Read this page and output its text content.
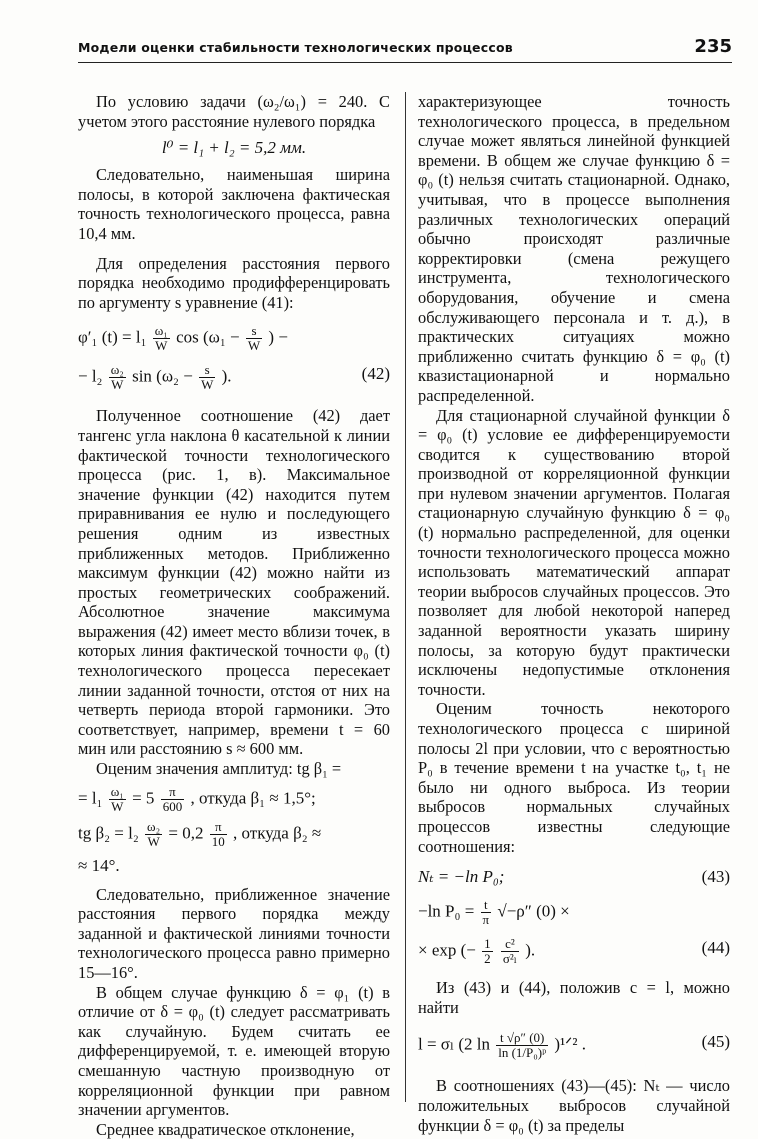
Модели оценки стабильности технологических процессов	235

По условию задачи (ω₂/ω₁) = 240. С учетом этого расстояние нулевого порядка

l⁰ = l₁ + l₂ = 5,2 мм.

Следовательно, наименьшая ширина полосы, в которой заключена фактическая точность технологического процесса, равна 10,4 мм.

Для определения расстояния первого порядка необходимо продифференцировать по аргументу s уравнение (41):

φ′₁ $(t) = l_1 \frac{\text{ω₁}}{W}$ $\cos (\omega_1 - \frac{s}{W}$ ) −
− $l_2 \frac{\text{ω₂}}{W}$ $\sin (\omega_2 - \frac{s}{W}$ ).	(42)

Полученное соотношение (42) дает тангенс угла наклона θ касательной к линии фактической точности технологического процесса (рис. 1, в). Максимальное значение функции (42) находится путем приравнивания ее нулю и последующего решения одним из известных приближенных методов. Приближенно максимум функции (42) можно найти из простых геометрических соображений. Абсолютное значение максимума выражения (42) имеет место вблизи точек, в которых линия фактической точности φ₀ (t) технологического процесса пересекает линии заданной точности, отстоя от них на четверть периода второй гармоники. Это соответствует, например, времени t = 60 мин или расстоянию s ≈ 600 мм.

Оценим значения амплитуд: tg β₁ =

= $l_1 \frac{\text{ω₁}}{W} = 5 \frac{\pi}{600}$ , откуда β₁ ≈ 1,5°;
tg $\beta_2 = l_2 \frac{\text{ω₂}}{W} = 0,2 \frac{\pi}{10}$ , откуда β₂ ≈
≈ 14°.

Следовательно, приближенное значение расстояния первого порядка между заданной и фактической линиями точности технологического процесса равно примерно 15—16°.

В общем случае функцию δ = φ₁ (t) в отличие от δ = φ₀ (t) следует рассматривать как случайную. Будем считать ее дифференцируемой, т. е. имеющей вторую смешанную частную производную от корреляционной функции при равном значении аргументов.

Среднее квадратическое отклонение,

характеризующее точность технологического процесса, в предельном случае может являться линейной функцией времени. В общем же случае функцию δ = φ₀ (t) нельзя считать стационарной. Однако, учитывая, что в процессе выполнения различных технологических операций обычно происходят различные корректировки (смена режущего инструмента, технологического оборудования, обучение и смена обслуживающего персонала и т. д.), в практических ситуациях можно приближенно считать функцию δ = φ₀ (t) квазистационарной и нормально распределенной.

Для стационарной случайной функции δ = φ₀ (t) условие ее дифференцируемости сводится к существованию второй производной от корреляционной функции при нулевом значении аргументов. Полагая стационарную случайную функцию δ = φ₀ (t) нормально распределенной, для оценки точности технологического процесса можно использовать математический аппарат теории выбросов случайных процессов. Это позволяет для любой некоторой наперед заданной вероятности указать ширину полосы, за которую будут практически исключены недопустимые отклонения точности.

Оценим точность некоторого технологического процесса с шириной полосы 2l при условии, что с вероятностью P₀ в течение времени t на участке t₀, t₁ не было ни одного выброса. Из теории выбросов нормальных случайных процессов известны следующие соотношения:

Nₜ = −ln P₀;	(43)
−ln $P_0 = \frac{t}{\pi} √-\rho''$ (0) ×
× exp (− $\frac{1}{2}$
$\frac{\text{c²}}{\text{σ²ₗ}}$ ).	(44)

Из (43) и (44), положив c = l, можно найти

l = σₗ (2 $\ln \frac{t √\rho'' (0)}{\text{ln (1/P₀)ᵖ}}$ )¹ᐟ² .	(45)

В соотношениях (43)—(45): Nₜ — число положительных выбросов случайной функции δ = φ₀ (t) за пределы
